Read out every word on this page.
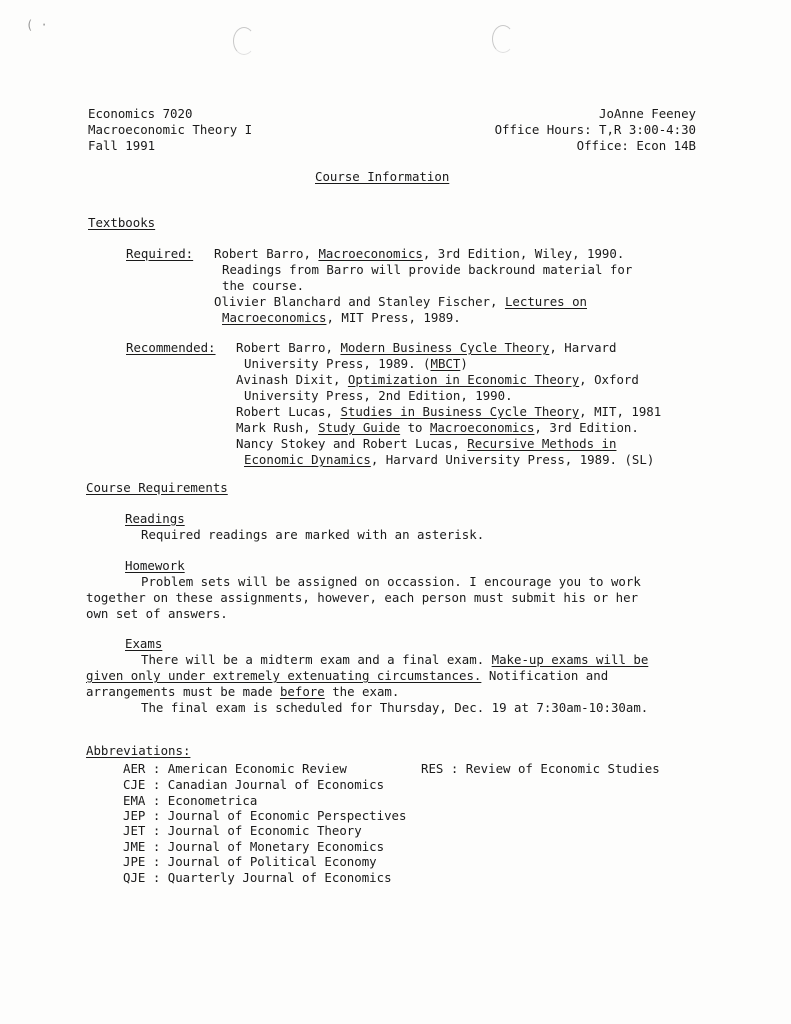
( ·
Economics 7020
Macroeconomic Theory I
Fall 1991
JoAnne Feeney
Office Hours: T,R 3:00-4:30
Office: Econ 14B
Course Information
Textbooks
Required: Robert Barro, Macroeconomics, 3rd Edition, Wiley, 1990.
Readings from Barro will provide backround material for
the course.
Olivier Blanchard and Stanley Fischer, Lectures on
Macroeconomics, MIT Press, 1989.
Recommended: Robert Barro, Modern Business Cycle Theory, Harvard
University Press, 1989. (MBCT)
Avinash Dixit, Optimization in Economic Theory, Oxford
University Press, 2nd Edition, 1990.
Robert Lucas, Studies in Business Cycle Theory, MIT, 1981
Mark Rush, Study Guide to Macroeconomics, 3rd Edition.
Nancy Stokey and Robert Lucas, Recursive Methods in
Economic Dynamics, Harvard University Press, 1989. (SL)
Course Requirements
Readings
Required readings are marked with an asterisk.
Homework
Problem sets will be assigned on occassion. I encourage you to work
together on these assignments, however, each person must submit his or her
own set of answers.
Exams
There will be a midterm exam and a final exam. Make-up exams will be
given only under extremely extenuating circumstances. Notification and
arrangements must be made before the exam.
The final exam is scheduled for Thursday, Dec. 19 at 7:30am-10:30am.
Abbreviations:
AER : American Economic Review
CJE : Canadian Journal of Economics
EMA : Econometrica
JEP : Journal of Economic Perspectives
JET : Journal of Economic Theory
JME : Journal of Monetary Economics
JPE : Journal of Political Economy
QJE : Quarterly Journal of Economics
RES : Review of Economic Studies
